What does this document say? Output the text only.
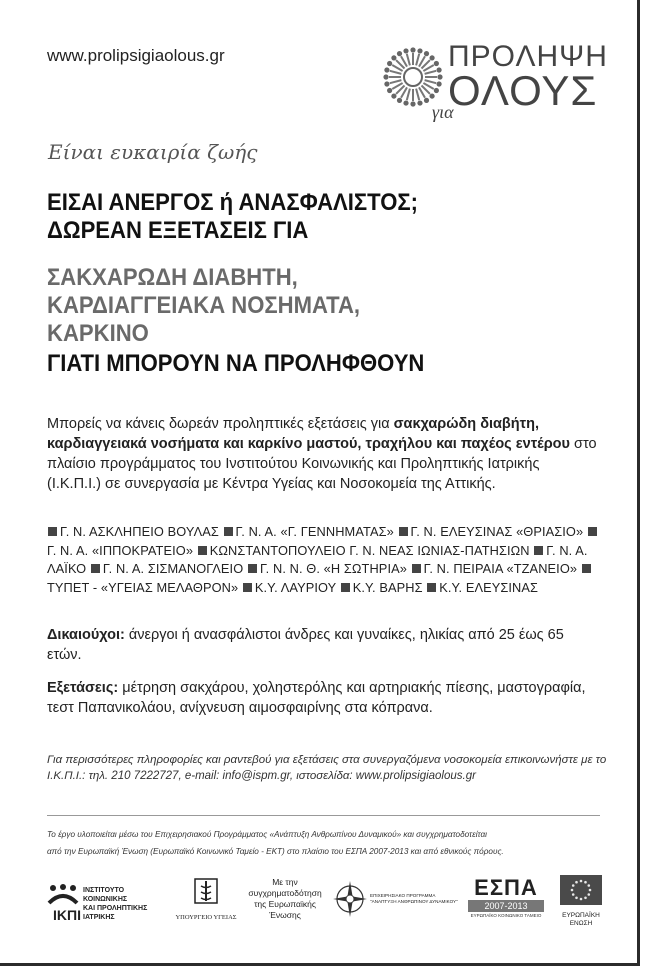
www.prolipsigiaolous.gr	ΠΡΟΛΗΨΗ
ΟΛΟΥΣ
για
Είναι ευκαιρία ζωής
ΕΙΣΑΙ ΑΝΕΡΓΟΣ ή ΑΝΑΣΦΑΛΙΣΤΟΣ;
ΔΩΡΕΑΝ ΕΞΕΤΑΣΕΙΣ ΓΙΑ
ΣΑΚΧΑΡΩΔΗ ΔΙΑΒΗΤΗ,
ΚΑΡΔΙΑΓΓΕΙΑΚΑ ΝΟΣΗΜΑΤΑ,
ΚΑΡΚΙΝΟ
ΓΙΑΤΙ ΜΠΟΡΟΥΝ ΝΑ ΠΡΟΛΗΦΘΟΥΝ
Μπορείς να κάνεις δωρεάν προληπτικές εξετάσεις για σακχαρώδη διαβήτη, καρδιαγγειακά νοσήματα και καρκίνο μαστού, τραχήλου και παχέος εντέρου στο πλαίσιο προγράμματος του Ινστιτούτου Κοινωνικής και Προληπτικής Ιατρικής (Ι.Κ.Π.Ι.) σε συνεργασία με Κέντρα Υγείας και Νοσοκομεία της Αττικής.
Γ. Ν. ΑΣΚΛΗΠΕΙΟ ΒΟΥΛΑΣ Γ. Ν. Α. «Γ. ΓΕΝΝΗΜΑΤΑΣ» Γ. Ν. ΕΛΕΥΣΙΝΑΣ «ΘΡΙΑΣΙΟ» Γ. Ν. Α. «ΙΠΠΟΚΡΑΤΕΙΟ» ΚΩΝΣΤΑΝΤΟΠΟΥΛΕΙΟ Γ. Ν. ΝΕΑΣ ΙΩΝΙΑΣ-ΠΑΤΗΣΙΩΝ Γ. Ν. Α. ΛΑΪΚΟ Γ. Ν. Α. ΣΙΣΜΑΝΟΓΛΕΙΟ Γ. Ν. Ν. Θ. «Η ΣΩΤΗΡΙΑ» Γ. Ν. ΠΕΙΡΑΙΑ «ΤΖΑΝΕΙΟ» ΤΥΠΕΤ - «ΥΓΕΙΑΣ ΜΕΛΑΘΡΟΝ» Κ.Υ. ΛΑΥΡΙΟΥ Κ.Υ. ΒΑΡΗΣ Κ.Υ. ΕΛΕΥΣΙΝΑΣ
Δικαιούχοι: άνεργοι ή ανασφάλιστοι άνδρες και γυναίκες, ηλικίας από 25 έως 65 ετών.
Εξετάσεις: μέτρηση σακχάρου, χοληστερόλης και αρτηριακής πίεσης, μαστογραφία, τεστ Παπανικολάου, ανίχνευση αιμοσφαιρίνης στα κόπρανα.
Για περισσότερες πληροφορίες και ραντεβού για εξετάσεις στα συνεργαζόμενα νοσοκομεία επικοινωνήστε με το Ι.Κ.Π.Ι.: τηλ. 210 7222727, e-mail: info@ispm.gr, ιστοσελίδα: www.prolipsigiaolous.gr
Το έργο υλοποιείται μέσω του Επιχειρησιακού Προγράμματος «Ανάπτυξη Ανθρωπίνου Δυναμικού» και συγχρηματοδοτείται
από την Ευρωπαϊκή Ένωση (Ευρωπαϊκό Κοινωνικό Ταμείο - ΕΚΤ) στο πλαίσιο του ΕΣΠΑ 2007-2013 και από εθνικούς πόρους.
ΙΝΣΤΙΤΟΥΤΟ
ΚΟΙΝΩΝΙΚΗΣ
ΚΑΙ ΠΡΟΛΗΠΤΙΚΗΣ
ΙΑΤΡΙΚΗΣ
ΙΚΠΙ	ΥΠΟΥΡΓΕΙΟ ΥΓΕΙΑΣ
Με την
συγχρηματοδότηση
της Ευρωπαϊκής
Ένωσης
ΕΠΙΧΕΙΡΗΣΙΑΚΟ ΠΡΟΓΡΑΜΜΑ
"ΑΝΑΠΤΥΞΗ ΑΝΘΡΩΠΙΝΟΥ ΔΥΝΑΜΙΚΟΥ"
ΕΣΠΑ
2007-2013
ΕΥΡΩΠΑΪΚΟ ΚΟΙΝΩΝΙΚΟ ΤΑΜΕΙΟ	ΕΥΡΩΠΑΪΚΗ
ΕΝΩΣΗ
